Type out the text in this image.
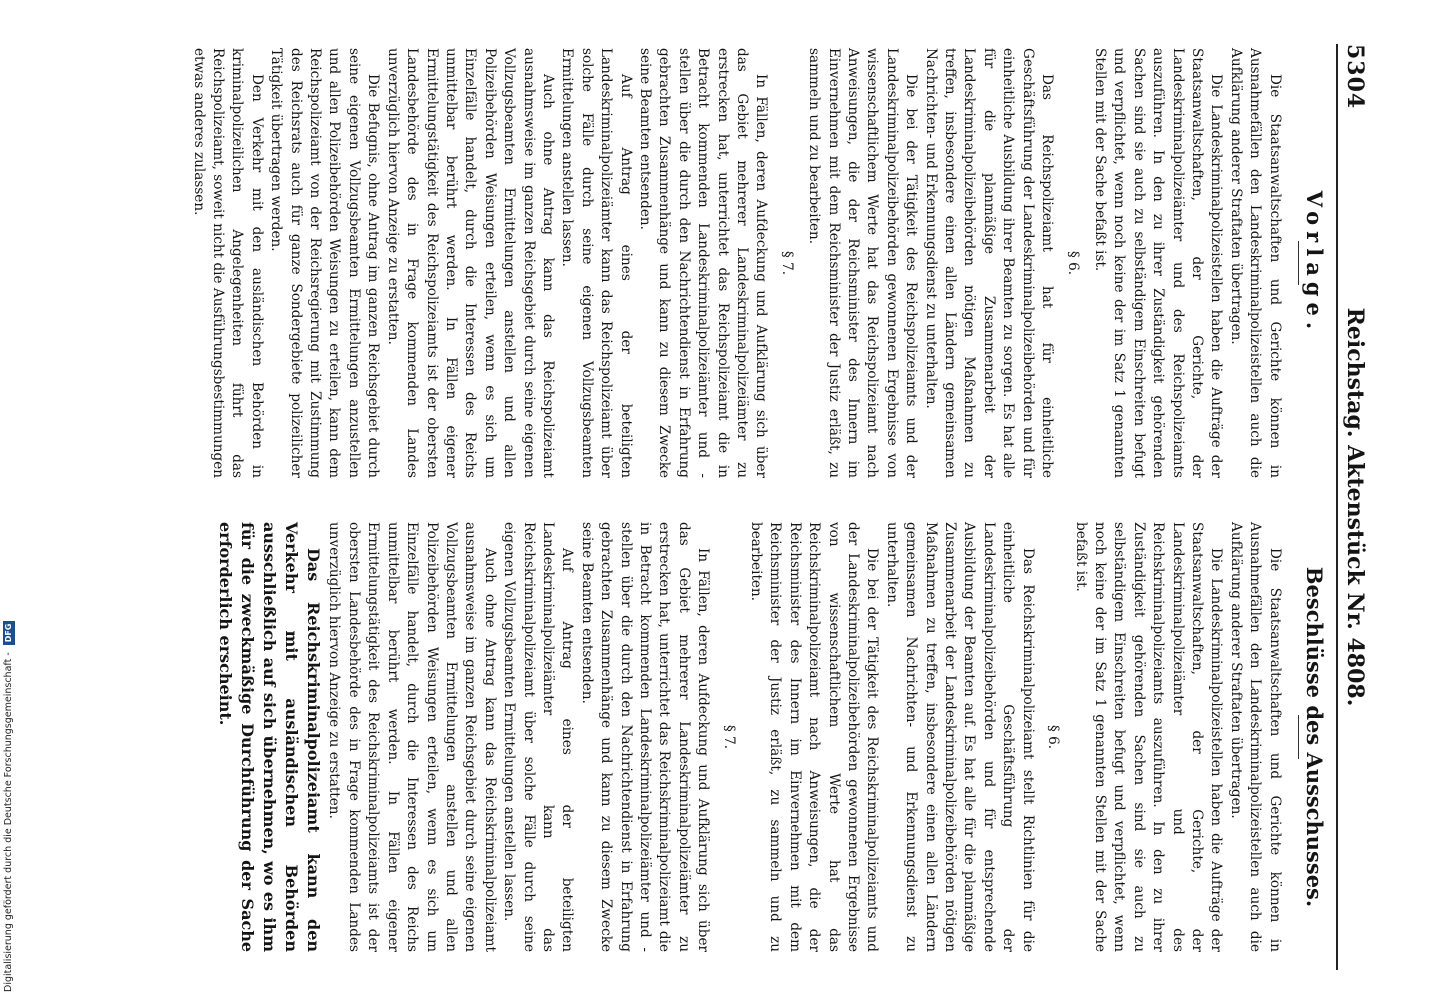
5304
Reichstag. Aktenstück Nr. 4808.
Vorlage.

Die Staatsanwaltschaften und Gerichte können in Ausnahmefällen den Landeskriminalpolizeistellen auch die Aufklärung anderer Straftaten übertragen.

Die Landeskriminalpolizeistellen haben die Aufträge der Staatsanwaltschaften, der Gerichte, der Landeskriminalpolizeiämter und des Reichspolizeiamts auszuführen. In den zu ihrer Zuständigkeit gehörenden Sachen sind sie auch zu selbständigem Einschreiten befugt und verpflichtet, wenn noch keine der im Satz 1 genannten Stellen mit der Sache befaßt ist.

§ 6.

Das Reichspolizeiamt hat für einheitliche Geschäftsführung der Landeskriminalpolizeibehörden und für einheitliche Ausbildung ihrer Beamten zu sorgen. Es hat alle für die planmäßige Zusammenarbeit der Landeskriminalpolizeibehörden nötigen Maßnahmen zu treffen, insbesondere einen allen Ländern gemeinsamen Nachrichten- und Erkennungsdienst zu unterhalten.

Die bei der Tätigkeit des Reichspolizeiamts und der Landeskriminalpolizeibehörden gewonnenen Ergebnisse von wissenschaftlichem Werte hat das Reichspolizeiamt nach Anweisungen, die der Reichsminister des Innern im Einvernehmen mit dem Reichsminister der Justiz erläßt, zu sammeln und zu bearbeiten.

§ 7.

In Fällen, deren Aufdeckung und Aufklärung sich über das Gebiet mehrerer Landeskriminalpolizeiämter zu erstrecken hat, unterrichtet das Reichspolizeiamt die in Betracht kommenden Landeskriminalpolizeiämter und -stellen über die durch den Nachrichtendienst in Erfahrung gebrachten Zusammenhänge und kann zu diesem Zwecke seine Beamten entsenden.

Auf Antrag eines der beteiligten Landeskriminalpolizeiämter kann das Reichspolizeiamt über solche Fälle durch seine eigenen Vollzugsbeamten Ermittelungen anstellen lassen.

Auch ohne Antrag kann das Reichspolizeiamt ausnahmsweise im ganzen Reichsgebiet durch seine eigenen Vollzugsbeamten Ermittelungen anstellen und allen Polizeibehörden Weisungen erteilen, wenn es sich um Einzelfälle handelt, durch die Interessen des Reichs unmittelbar berührt werden. In Fällen eigener Ermittelungstätigkeit des Reichspolizeiamts ist der obersten Landesbehörde des in Frage kommenden Landes unverzüglich hiervon Anzeige zu erstatten.

Die Befugnis, ohne Antrag im ganzen Reichsgebiet durch seine eigenen Vollzugsbeamten Ermittelungen anzustellen und allen Polizeibehörden Weisungen zu erteilen, kann dem Reichspolizeiamt von der Reichsregierung mit Zustimmung des Reichsrats auch für ganze Sondergebiete polizeilicher Tätigkeit übertragen werden.

Den Verkehr mit den ausländischen Behörden in kriminalpolizeilichen Angelegenheiten führt das Reichspolizeiamt, soweit nicht die Ausführungsbestimmungen etwas anderes zulassen.

Beschlüsse des Ausschusses.

Die Staatsanwaltschaften und Gerichte können in Ausnahmefällen den Landeskriminalpolizeistellen auch die Aufklärung anderer Straftaten übertragen.

Die Landeskriminalpolizeistellen haben die Aufträge der Staatsanwaltschaften, der Gerichte, der Landeskriminalpolizeiämter und des Reichskriminalpolizeiamts auszuführen. In den zu ihrer Zuständigkeit gehörenden Sachen sind sie auch zu selbständigem Einschreiten befugt und verpflichtet, wenn noch keine der im Satz 1 genannten Stellen mit der Sache befaßt ist.

§ 6.

Das Reichskriminalpolizeiamt stellt Richtlinien für die einheitliche Geschäftsführung der Landeskriminalpolizeibehörden und für entsprechende Ausbildung der Beamten auf. Es hat alle für die planmäßige Zusammenarbeit der Landeskriminalpolizeibehörden nötigen Maßnahmen zu treffen, insbesondere einen allen Ländern gemeinsamen Nachrichten- und Erkennungsdienst zu unterhalten.

Die bei der Tätigkeit des Reichskriminalpolizeiamts und der Landeskriminalpolizeibehörden gewonnenen Ergebnisse von wissenschaftlichem Werte hat das Reichskriminalpolizeiamt nach Anweisungen, die der Reichsminister des Innern im Einvernehmen mit dem Reichsminister der Justiz erläßt, zu sammeln und zu bearbeiten.

§ 7.

In Fällen, deren Aufdeckung und Aufklärung sich über das Gebiet mehrerer Landeskriminalpolizeiämter zu erstrecken hat, unterrichtet das Reichskriminalpolizeiamt die in Betracht kommenden Landeskriminalpolizeiämter und -stellen über die durch den Nachrichtendienst in Erfahrung gebrachten Zusammenhänge und kann zu diesem Zwecke seine Beamten entsenden.

Auf Antrag eines der beteiligten Landeskriminalpolizeiämter kann das Reichskriminalpolizeiamt über solche Fälle durch seine eigenen Vollzugsbeamten Ermittelungen anstellen lassen.

Auch ohne Antrag kann das Reichskriminalpolizeiamt ausnahmsweise im ganzen Reichsgebiet durch seine eigenen Vollzugsbeamten Ermittelungen anstellen und allen Polizeibehörden Weisungen erteilen, wenn es sich um Einzelfälle handelt, durch die Interessen des Reichs unmittelbar berührt werden. In Fällen eigener Ermittelungstätigkeit des Reichskriminalpolizeiamts ist der obersten Landesbehörde des in Frage kommenden Landes unverzüglich hiervon Anzeige zu erstatten.

Das Reichskriminalpolizeiamt kann den Verkehr mit ausländischen Behörden ausschließlich auf sich übernehmen, wo es ihm für die zweckmäßige Durchführung der Sache erforderlich erscheint.

Digitalisierung gefördert durch die Deutsche Forschungsgemeinschaft - DFG
